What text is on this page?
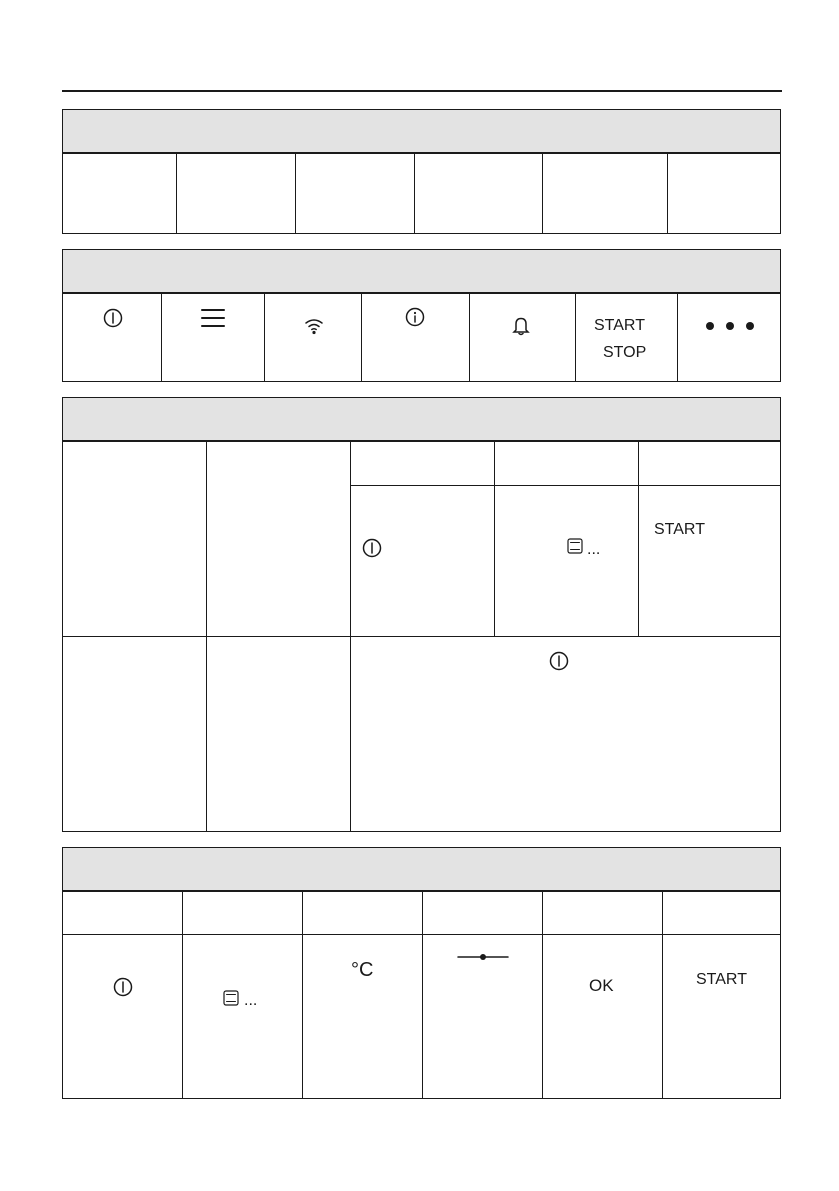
START
STOP
...
START
...
°C
OK	START
